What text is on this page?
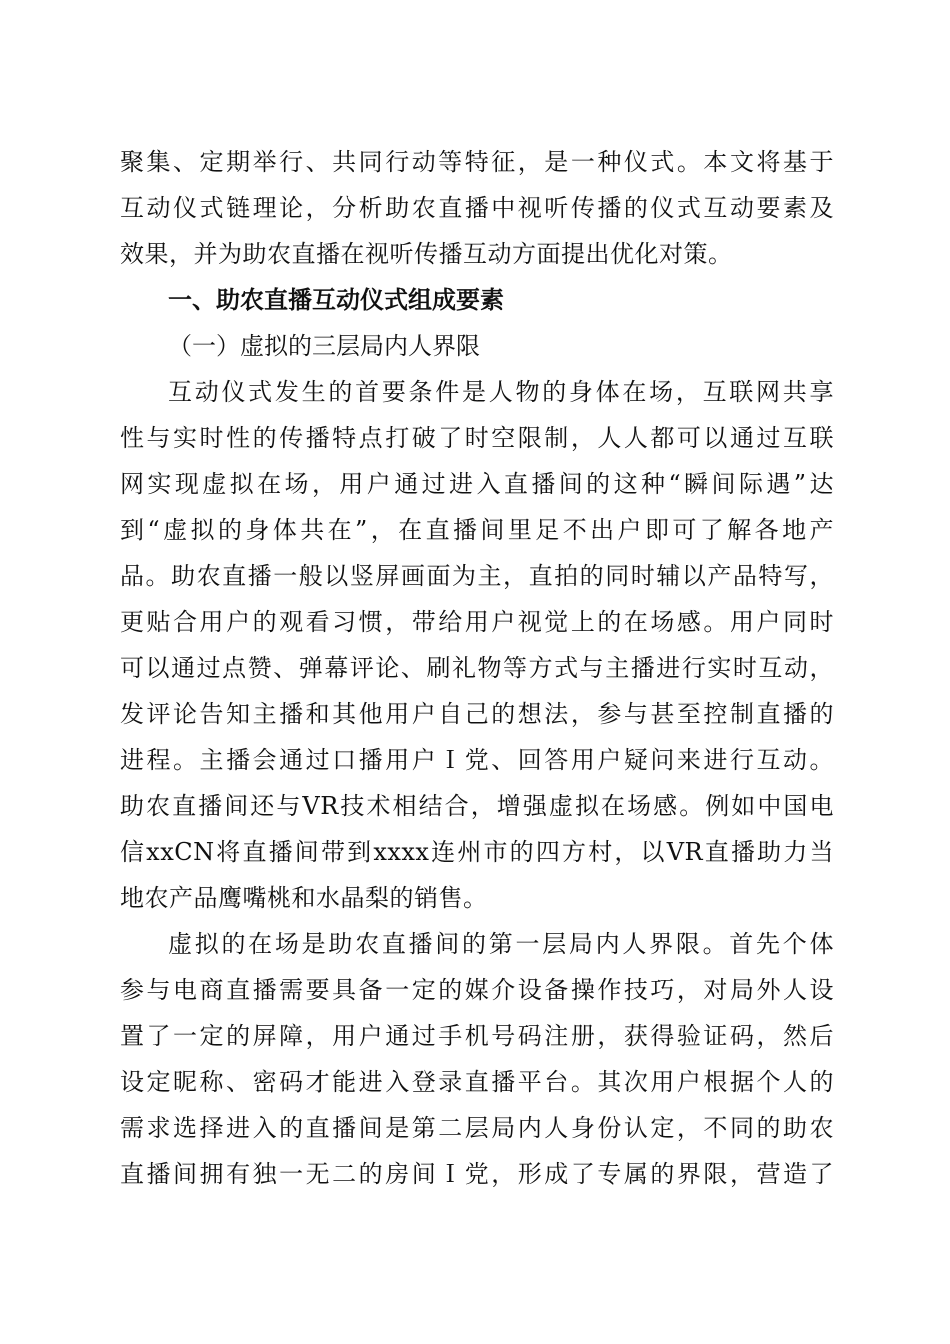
聚集、定期举行、共同行动等特征，是一种仪式。本文将基于
互动仪式链理论，分析助农直播中视听传播的仪式互动要素及
效果，并为助农直播在视听传播互动方面提出优化对策。
一、助农直播互动仪式组成要素
（一）虚拟的三层局内人界限
互动仪式发生的首要条件是人物的身体在场，互联网共享
性与实时性的传播特点打破了时空限制，人人都可以通过互联
网实现虚拟在场，用户通过进入直播间的这种“瞬间际遇”达
到“虚拟的身体共在”，在直播间里足不出户即可了解各地产
品。助农直播一般以竖屏画面为主，直拍的同时辅以产品特写，
更贴合用户的观看习惯，带给用户视觉上的在场感。用户同时
可以通过点赞、弹幕评论、刷礼物等方式与主播进行实时互动，
发评论告知主播和其他用户自己的想法，参与甚至控制直播的
进程。主播会通过口播用户Ｉ党、回答用户疑问来进行互动。
助农直播间还与VR技术相结合，增强虚拟在场感。例如中国电
信xxCN将直播间带到xxxx连州市的四方村，以VR直播助力当
地农产品鹰嘴桃和水晶梨的销售。
虚拟的在场是助农直播间的第一层局内人界限。首先个体
参与电商直播需要具备一定的媒介设备操作技巧，对局外人设
置了一定的屏障，用户通过手机号码注册，获得验证码，然后
设定昵称、密码才能进入登录直播平台。其次用户根据个人的
需求选择进入的直播间是第二层局内人身份认定，不同的助农
直播间拥有独一无二的房间Ｉ党，形成了专属的界限，营造了
